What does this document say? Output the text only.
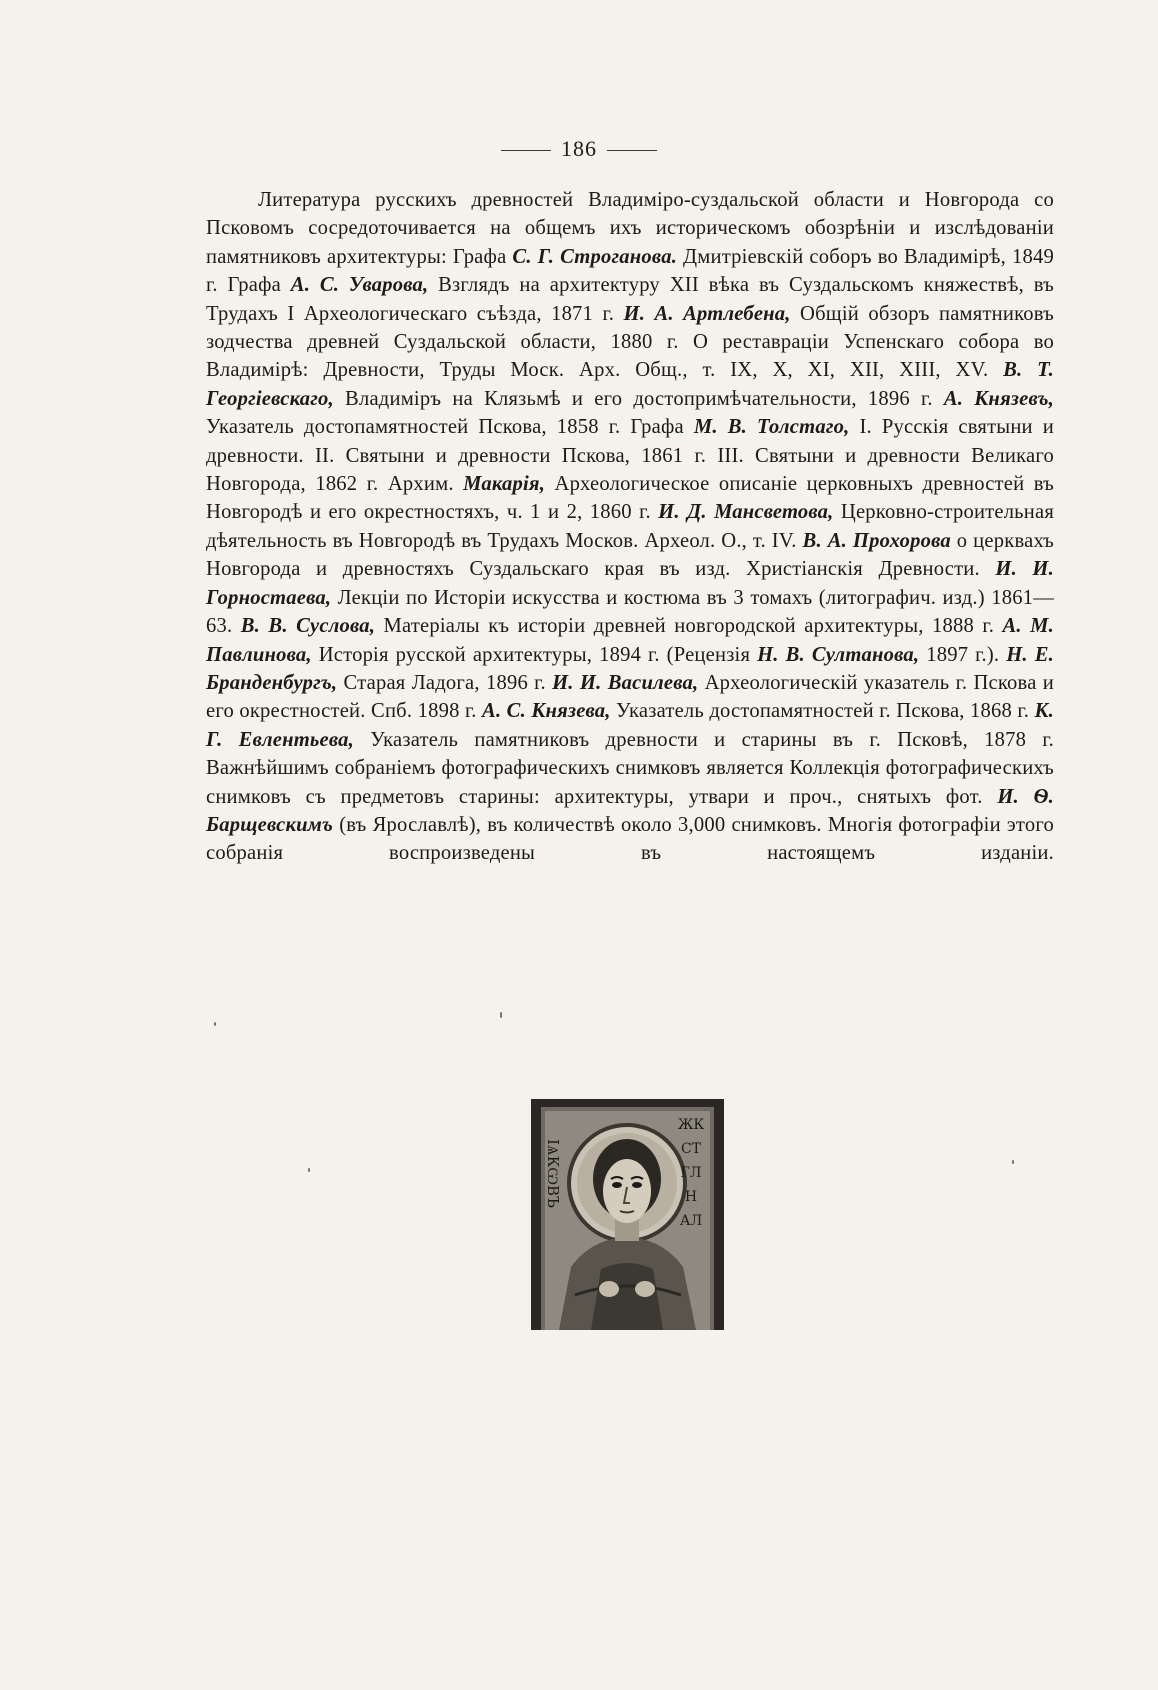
186

Литература русскихъ древностей Владиміро-суздальской области и Новгорода со Псковомъ сосредоточивается на общемъ ихъ историческомъ обозрѣніи и изслѣдованіи памятниковъ архитектуры: Графа С. Г. Строганова. Дмитріевскій соборъ во Владимірѣ, 1849 г. Графа А. С. Уварова, Взглядъ на архитектуру XII вѣка въ Суздальскомъ княжествѣ, въ Трудахъ I Археологическаго съѣзда, 1871 г. И. А. Артлебена, Общій обзоръ памятниковъ зодчества древней Суздальской области, 1880 г. О реставраціи Успенскаго собора во Владимірѣ: Древности, Труды Моск. Арх. Общ., т. IX, X, XI, XII, XIII, XV. В. Т. Георгіевскаго, Владиміръ на Клязьмѣ и его достопримѣчательности, 1896 г. А. Князевъ, Указатель достопамятностей Пскова, 1858 г. Графа М. В. Толстаго, I. Русскія святыни и древности. II. Святыни и древности Пскова, 1861 г. III. Святыни и древности Великаго Новгорода, 1862 г. Архим. Макарія, Археологическое описаніе церковныхъ древностей въ Новгородѣ и его окрестностяхъ, ч. 1 и 2, 1860 г. И. Д. Мансветова, Церковно-строительная дѣятельность въ Новгородѣ въ Трудахъ Москов. Археол. О., т. IV. В. А. Прохорова о церквахъ Новгорода и древностяхъ Суздальскаго края въ изд. Христіанскія Древности. И. И. Горностаева, Лекціи по Исторіи искусства и костюма въ 3 томахъ (литографич. изд.) 1861—63. В. В. Суслова, Матеріалы къ исторіи древней новгородской архитектуры, 1888 г. А. М. Павлинова, Исторія русской архитектуры, 1894 г. (Рецензія Н. В. Султанова, 1897 г.). Н. Е. Бранденбургъ, Старая Ладога, 1896 г. И. И. Василева, Археологическій указатель г. Пскова и его окрестностей. Спб. 1898 г. А. С. Князева, Указатель достопамятностей г. Пскова, 1868 г. К. Г. Евлентьева, Указатель памятниковъ древности и старины въ г. Псковѣ, 1878 г. Важнѣйшимъ собраніемъ фотографическихъ снимковъ является Коллекція фотографическихъ снимковъ съ предметовъ старины: архитектуры, утвари и проч., снятыхъ фот. И. Ѳ. Барщевскимъ (въ Ярославлѣ), въ количествѣ около 3,000 снимковъ. Многія фотографіи этого собранія воспроизведены въ настоящемъ изданіи.

ІѦКѠВЪ
ЖК
СТ
ГЛ
Н
АЛ
